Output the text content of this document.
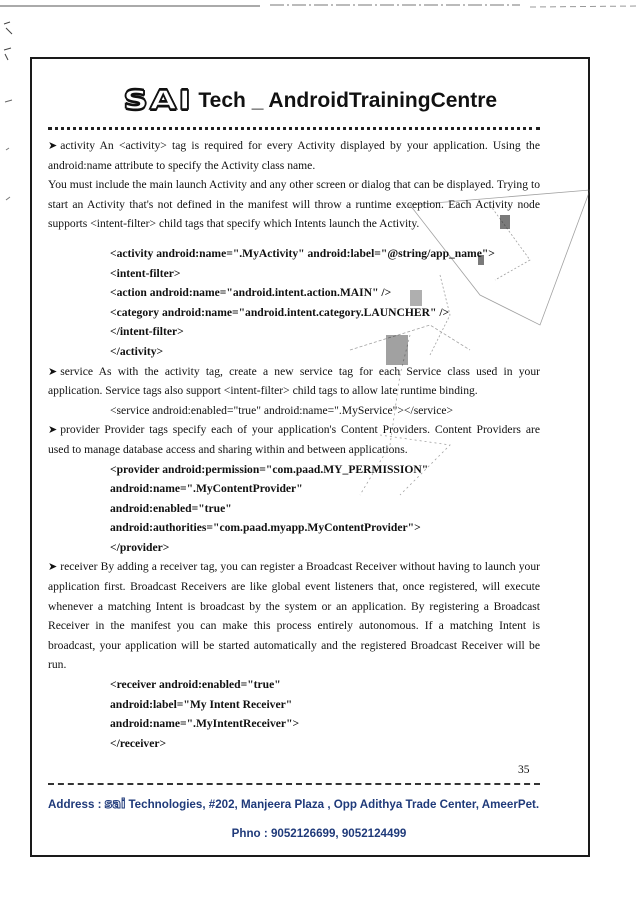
SAI Tech _ AndroidTrainingCentre

➤ activity An <activity> tag is required for every Activity displayed by your application. Using the android:name attribute to specify the Activity class name.

You must include the main launch Activity and any other screen or dialog that can be displayed. Trying to start an Activity that's not defined in the manifest will throw a runtime exception. Each Activity node supports <intent-filter> child tags that specify which Intents launch the Activity.

<activity android:name=".MyActivity" android:label="@string/app_name">

<intent-filter>

<action android:name="android.intent.action.MAIN" />

<category android:name="android.intent.category.LAUNCHER" />

</intent-filter>

</activity>

➤ service As with the activity tag, create a new service tag for each Service class used in your application. Service tags also support <intent-filter> child tags to allow late runtime binding.

<service android:enabled="true" android:name=".MyService"></service>

➤ provider Provider tags specify each of your application's Content Providers. Content Providers are used to manage database access and sharing within and between applications.

<provider android:permission="com.paad.MY_PERMISSION"

android:name=".MyContentProvider"

android:enabled="true"

android:authorities="com.paad.myapp.MyContentProvider">

</provider>

➤ receiver By adding a receiver tag, you can register a Broadcast Receiver without having to launch your application first. Broadcast Receivers are like global event listeners that, once registered, will execute whenever a matching Intent is broadcast by the system or an application. By registering a Broadcast Receiver in the manifest you can make this process entirely autonomous. If a matching Intent is broadcast, your application will be started automatically and the registered Broadcast Receiver will be run.

<receiver android:enabled="true"

android:label="My Intent Receiver"

android:name=".MyIntentReceiver">

</receiver>

35
Address : sai Technologies, #202, Manjeera Plaza , Opp Adithya Trade Center, AmeerPet.
Phno : 9052126699, 9052124499
